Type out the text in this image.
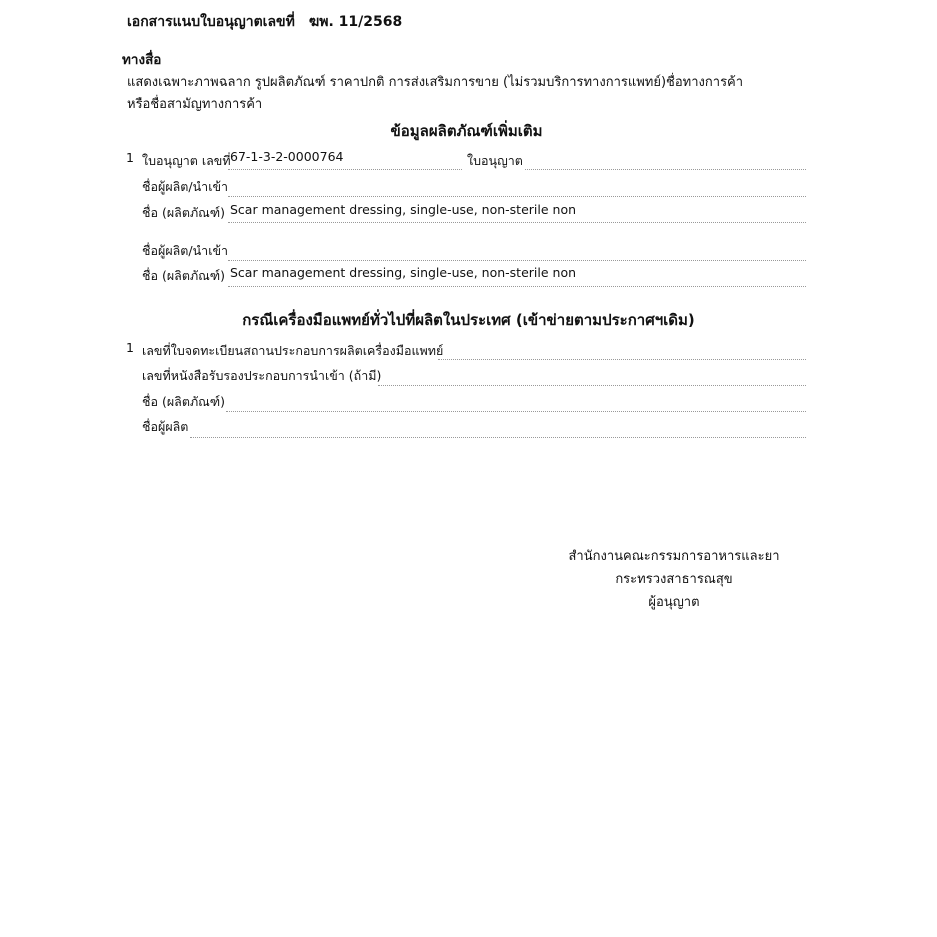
เอกสารแนบใบอนุญาตเลขที่ ฆพ. 11/2568
ทางสื่อ
แสดงเฉพาะภาพฉลาก รูปผลิตภัณฑ์ ราคาปกติ การส่งเสริมการขาย (ไม่รวมบริการทางการแพทย์)ชื่อทางการค้า
หรือชื่อสามัญทางการค้า
ข้อมูลผลิตภัณฑ์เพิ่มเติม
1 ใบอนุญาต เลขที่ 67-1-3-2-0000764	ใบอนุญาต
ชื่อผู้ผลิต/นำเข้า
ชื่อ (ผลิตภัณฑ์) Scar management dressing, single-use, non-sterile non
ชื่อผู้ผลิต/นำเข้า
ชื่อ (ผลิตภัณฑ์) Scar management dressing, single-use, non-sterile non
กรณีเครื่องมือแพทย์ทั่วไปที่ผลิตในประเทศ (เข้าข่ายตามประกาศฯเดิม)
1 เลขที่ใบจดทะเบียนสถานประกอบการผลิตเครื่องมือแพทย์
เลขที่หนังสือรับรองประกอบการนำเข้า (ถ้ามี)
ชื่อ (ผลิตภัณฑ์)
ชื่อผู้ผลิต
สำนักงานคณะกรรมการอาหารและยา
กระทรวงสาธารณสุข
ผู้อนุญาต
